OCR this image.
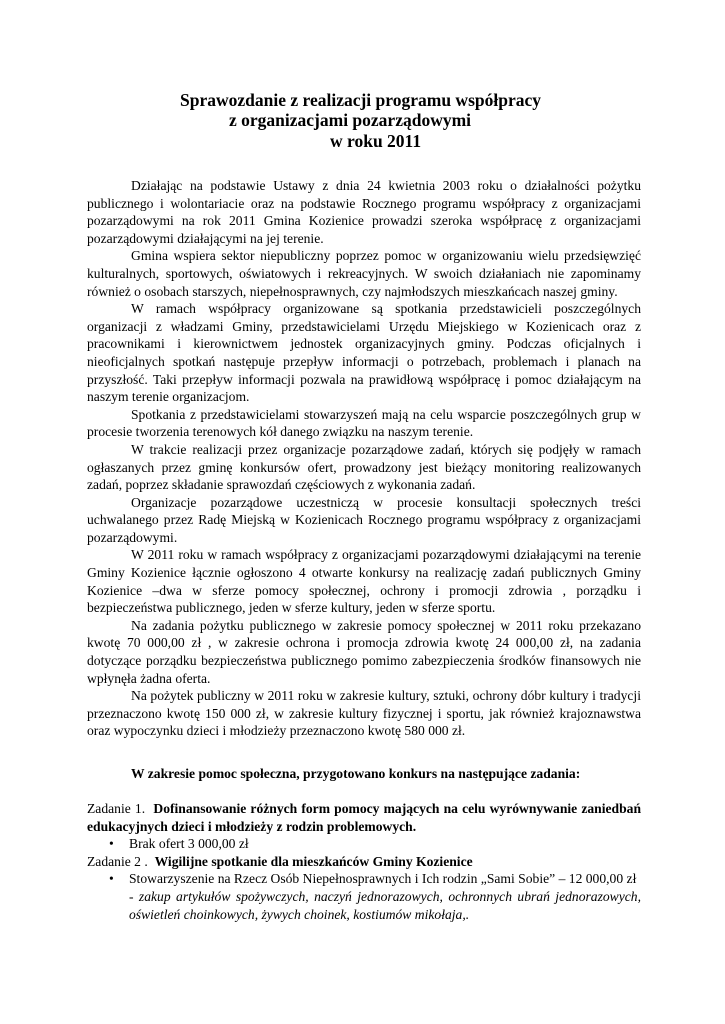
Sprawozdanie z realizacji programu współpracy
z organizacjami pozarządowymi
w roku 2011

Działając na podstawie Ustawy z dnia 24 kwietnia 2003 roku o działalności pożytku publicznego i wolontariacie oraz na podstawie Rocznego programu współpracy z organizacjami pozarządowymi na rok 2011 Gmina Kozienice prowadzi szeroka współpracę z organizacjami pozarządowymi działającymi na jej terenie.

Gmina wspiera sektor niepubliczny poprzez pomoc w organizowaniu wielu przedsięwzięć kulturalnych, sportowych, oświatowych i rekreacyjnych. W swoich działaniach nie zapominamy również o osobach starszych, niepełnosprawnych, czy najmłodszych mieszkańcach naszej gminy.

W ramach współpracy organizowane są spotkania przedstawicieli poszczególnych organizacji z władzami Gminy, przedstawicielami Urzędu Miejskiego w Kozienicach oraz z pracownikami i kierownictwem jednostek organizacyjnych gminy. Podczas oficjalnych i nieoficjalnych spotkań następuje przepływ informacji o potrzebach, problemach i planach na przyszłość. Taki przepływ informacji pozwala na prawidłową współpracę i pomoc działającym na naszym terenie organizacjom.

Spotkania z przedstawicielami stowarzyszeń mają na celu wsparcie poszczególnych grup w procesie tworzenia terenowych kół danego związku na naszym terenie.

W trakcie realizacji przez organizacje pozarządowe zadań, których się podjęły w ramach ogłaszanych przez gminę konkursów ofert, prowadzony jest bieżący monitoring realizowanych zadań, poprzez składanie sprawozdań częściowych z wykonania zadań.

Organizacje pozarządowe uczestniczą w procesie konsultacji społecznych treści uchwalanego przez Radę Miejską w Kozienicach Rocznego programu współpracy z organizacjami pozarządowymi.

W 2011 roku w ramach współpracy z organizacjami pozarządowymi działającymi na terenie Gminy Kozienice łącznie ogłoszono 4 otwarte konkursy na realizację zadań publicznych Gminy Kozienice –dwa w sferze pomocy społecznej, ochrony i promocji zdrowia , porządku i bezpieczeństwa publicznego, jeden w sferze kultury, jeden w sferze sportu.

Na zadania pożytku publicznego w zakresie pomocy społecznej w 2011 roku przekazano kwotę 70 000,00 zł , w zakresie ochrona i promocja zdrowia kwotę 24 000,00 zł, na zadania dotyczące porządku bezpieczeństwa publicznego pomimo zabezpieczenia środków finansowych nie wpłynęła żadna oferta.

Na pożytek publiczny w 2011 roku w zakresie kultury, sztuki, ochrony dóbr kultury i tradycji przeznaczono kwotę 150 000 zł, w zakresie kultury fizycznej i sportu, jak również krajoznawstwa oraz wypoczynku dzieci i młodzieży przeznaczono kwotę 580 000 zł.

W zakresie pomoc społeczna, przygotowano konkurs na następujące zadania:
Zadanie 1. Dofinansowanie różnych form pomocy mających na celu wyrównywanie zaniedbań edukacyjnych dzieci i młodzieży z rodzin problemowych.
• Brak ofert 3 000,00 zł
Zadanie 2 . Wigilijne spotkanie dla mieszkańców Gminy Kozienice
• Stowarzyszenie na Rzecz Osób Niepełnosprawnych i Ich rodzin „Sami Sobie” – 12 000,00 zł
- zakup artykułów spożywczych, naczyń jednorazowych, ochronnych ubrań jednorazowych, oświetleń choinkowych, żywych choinek, kostiumów mikołaja,.
